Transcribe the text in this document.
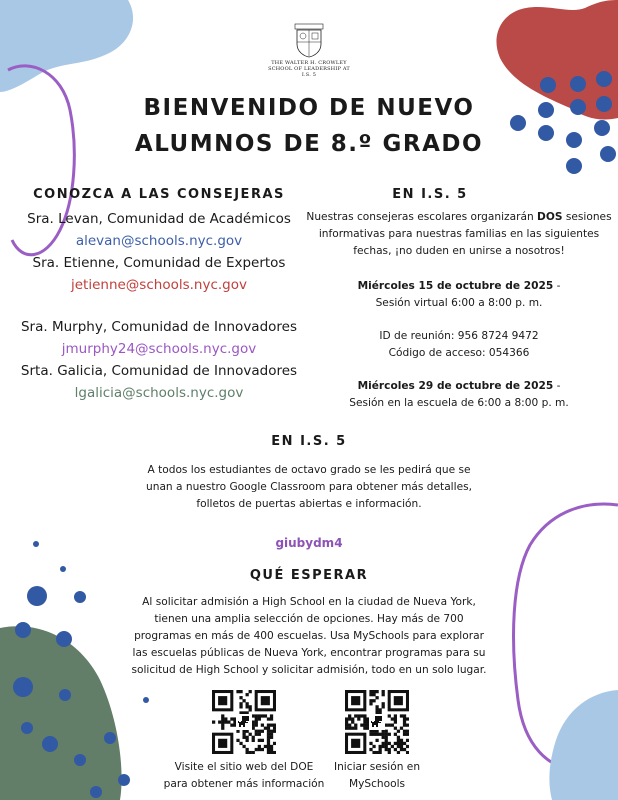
THE WALTER H. CROWLEY
SCHOOL OF LEADERSHIP AT I.S. 5
BIENVENIDO DE NUEVO
ALUMNOS DE 8.º GRADO
CONOZCA A LAS CONSEJERAS
Sra. Levan, Comunidad de Académicos
alevan@schools.nyc.gov
Sra. Etienne, Comunidad de Expertos
jetienne@schools.nyc.gov
Sra. Murphy, Comunidad de Innovadores
jmurphy24@schools.nyc.gov
Srta. Galicia, Comunidad de Innovadores
lgalicia@schools.nyc.gov
EN I.S. 5
Nuestras consejeras escolares organizarán DOS sesiones
informativas para nuestras familias en las siguientes
fechas, ¡no duden en unirse a nosotros!
Miércoles 15 de octubre de 2025 -
Sesión virtual 6:00 a 8:00 p. m.
ID de reunión: 956 8724 9472
Código de acceso: 054366
Miércoles 29 de octubre de 2025 -
Sesión en la escuela de 6:00 a 8:00 p. m.
EN I.S. 5
A todos los estudiantes de octavo grado se les pedirá que se
unan a nuestro Google Classroom para obtener más detalles,
folletos de puertas abiertas e información.
giubydm4
QUÉ ESPERAR
Al solicitar admisión a High School en la ciudad de Nueva York,
tienen una amplia selección de opciones. Hay más de 700
programas en más de 400 escuelas. Usa MySchools para explorar
las escuelas públicas de Nueva York, encontrar programas para su
solicitud de High School y solicitar admisión, todo en un solo lugar.
Visite el sitio web del DOE
para obtener más información
Iniciar sesión en
MySchools
